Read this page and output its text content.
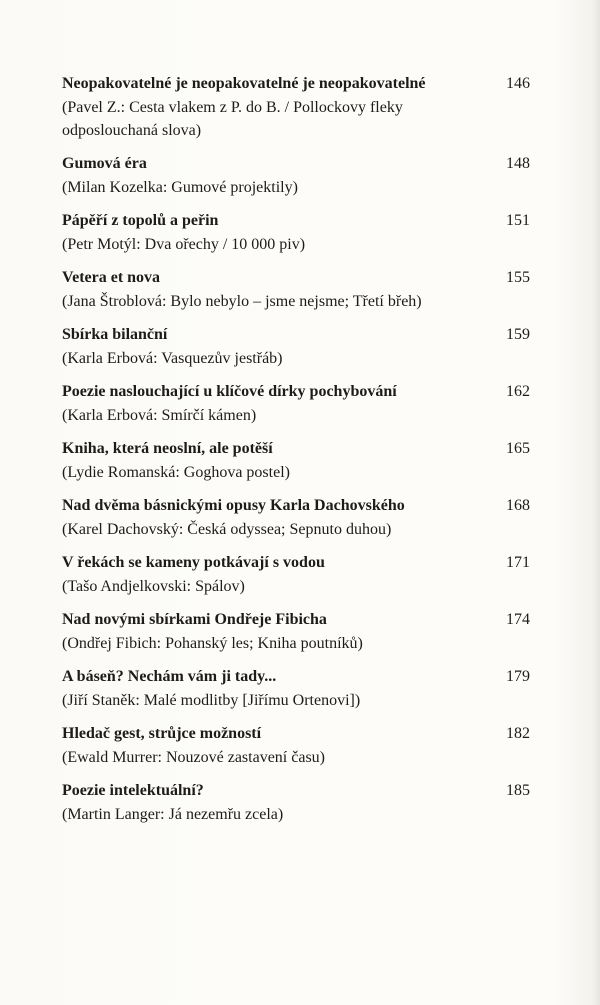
Neopakovatelné je neopakovatelné je neopakovatelné	146
(Pavel Z.: Cesta vlakem z P. do B. / Pollockovy fleky odposlouchaná slova)
Gumová éra	148
(Milan Kozelka: Gumové projektily)
Pápěří z topolů a peřin	151
(Petr Motýl: Dva ořechy / 10 000 piv)
Vetera et nova	155
(Jana Štroblová: Bylo nebylo – jsme nejsme; Třetí břeh)
Sbírka bilanční	159
(Karla Erbová: Vasquezův jestřáb)
Poezie naslouchající u klíčové dírky pochybování	162
(Karla Erbová: Smírčí kámen)
Kniha, která neoslní, ale potěší	165
(Lydie Romanská: Goghova postel)
Nad dvěma básnickými opusy Karla Dachovského	168
(Karel Dachovský: Česká odyssea; Sepnuto duhou)
V řekách se kameny potkávají s vodou	171
(Tašo Andjelkovski: Spálov)
Nad novými sbírkami Ondřeje Fibicha	174
(Ondřej Fibich: Pohanský les; Kniha poutníků)
A báseň? Nechám vám ji tady...	179
(Jiří Staněk: Malé modlitby [Jiřímu Ortenovi])
Hledač gest, strůjce možností	182
(Ewald Murrer: Nouzové zastavení času)
Poezie intelektuální?	185
(Martin Langer: Já nezemřu zcela)
